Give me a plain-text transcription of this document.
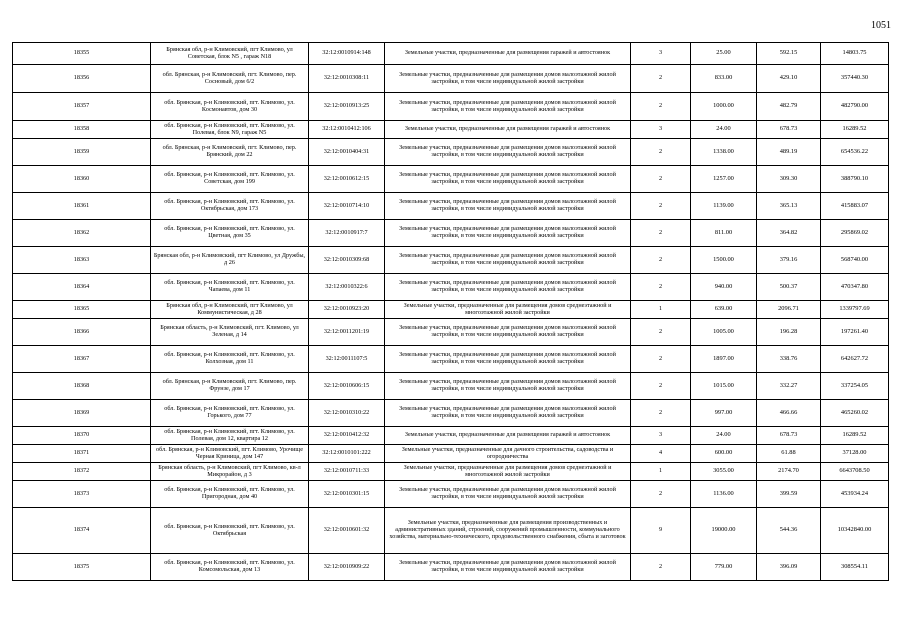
1051
18355	Брянская обл, р-н Климовский, пгт Климово, ул Советская, блок N5 , гараж N18	32:12:0010914:148	Земельные участки, предназначенные для размещения гаражей и автостоянок	3	25.00	592.15	14803.75
18356	обл. Брянская, р-н Климовский, пгт. Климово, пер. Сосновый, дом 6/2	32:12:0010308:11	Земельные участки, предназначенные для размещения домов малоэтажной жилой застройки, в том числе индивидуальной жилой застройки	2	833.00	429.10	357440.30
18357	обл. Брянская, р-н Климовский, пгт. Климово, ул. Космонавтов, дом 30	32:12:0010913:25	Земельные участки, предназначенные для размещения домов малоэтажной жилой застройки, в том числе индивидуальной жилой застройки	2	1000.00	482.79	482790.00
18358	обл. Брянская, р-н Климовский, пгт. Климово, ул. Полевая, блок N9, гараж N5	32:12:0010412:106	Земельные участки, предназначенные для размещения гаражей и автостоянок	3	24.00	678.73	16289.52
18359	обл. Брянская, р-н Климовский, пгт. Климово, пер. Брянский, дом 22	32:12:0010404:31	Земельные участки, предназначенные для размещения домов малоэтажной жилой застройки, в том числе индивидуальной жилой застройки	2	1338.00	489.19	654536.22
18360	обл. Брянская, р-н Климовский, пгт. Климово, ул. Советская, дом 199	32:12:0010612:15	Земельные участки, предназначенные для размещения домов малоэтажной жилой застройки, в том числе индивидуальной жилой застройки	2	1257.00	309.30	388790.10
18361	обл. Брянская, р-н Климовский, пгт. Климово, ул. Октябрьская, дом 173	32:12:0010714:10	Земельные участки, предназначенные для размещения домов малоэтажной жилой застройки, в том числе индивидуальной жилой застройки	2	1139.00	365.13	415883.07
18362	обл. Брянская, р-н Климовский, пгт. Климово, ул. Цветная, дом 35	32:12:0010917:7	Земельные участки, предназначенные для размещения домов малоэтажной жилой застройки, в том числе индивидуальной жилой застройки	2	811.00	364.82	295869.02
18363	Брянская обл, р-н Климовский, пгт Климово, ул Дружбы, д 26	32:12:0010309:68	Земельные участки, предназначенные для размещения домов малоэтажной жилой застройки, в том числе индивидуальной жилой застройки	2	1500.00	379.16	568740.00
18364	обл. Брянская, р-н Климовский, пгт. Климово, ул. Чапаева, дом 11	32:12:0010322:6	Земельные участки, предназначенные для размещения домов малоэтажной жилой застройки, в том числе индивидуальной жилой застройки	2	940.00	500.37	470347.80
18365	Брянская обл, р-н Климовский, пгт Климово, ул Коммунистическая, д 28	32:12:0010923:20	Земельные участки, предназначенные для размещения домов среднеэтажной и многоэтажной жилой застройки	1	639.00	2096.71	1339797.69
18366	Брянская область, р-н Климовский, пгт. Климово, ул Зеленая, д 14	32:12:0011201:19	Земельные участки, предназначенные для размещения домов малоэтажной жилой застройки, в том числе индивидуальной жилой застройки	2	1005.00	196.28	197261.40
18367	обл. Брянская, р-н Климовский, пгт. Климово, ул. Колхозная, дом 11	32:12:0011107:5	Земельные участки, предназначенные для размещения домов малоэтажной жилой застройки, в том числе индивидуальной жилой застройки	2	1897.00	338.76	642627.72
18368	обл. Брянская, р-н Климовский, пгт. Климово, пер. Фрунзе, дом 17	32:12:0010606:15	Земельные участки, предназначенные для размещения домов малоэтажной жилой застройки, в том числе индивидуальной жилой застройки	2	1015.00	332.27	337254.05
18369	обл. Брянская, р-н Климовский, пгт. Климово, ул. Горького, дом 77	32:12:0010310:22	Земельные участки, предназначенные для размещения домов малоэтажной жилой застройки, в том числе индивидуальной жилой застройки	2	997.00	466.66	465260.02
18370	обл. Брянская, р-н Климовский, пгт. Климово, ул. Полевая, дом 12, квартира 12	32:12:0010412:32	Земельные участки, предназначенные для размещения гаражей и автостоянок	3	24.00	678.73	16289.52
18371	обл. Брянская, р-н Климовский, пгт. Климово, Урочище Черная Криница, дом 147	32:12:0010101:222	Земельные участки, предназначенные для дачного строительства, садоводства и огородничества	4	600.00	61.88	37128.00
18372	Брянская область, р-н Климовский, пгт Климово, кв-л Микрорайон, д 3	32:12:0010711:33	Земельные участки, предназначенные для размещения домов среднеэтажной и многоэтажной жилой застройки	1	3055.00	2174.70	6643708.50
18373	обл. Брянская, р-н Климовский, пгт. Климово, ул. Пригородная, дом 40	32:12:0010301:15	Земельные участки, предназначенные для размещения домов малоэтажной жилой застройки, в том числе индивидуальной жилой застройки	2	1136.00	399.59	453934.24
18374	обл. Брянская, р-н Климовский, пгт. Климово, ул. Октябрьская	32:12:0010601:32	Земельные участки, предназначенные для размещения производственных и административных зданий, строений, сооружений промышленности, коммунального хозяйства, материально-технического, продовольственного снабжения, сбыта и заготовок	9	19000.00	544.36	10342840.00
18375	обл. Брянская, р-н Климовский, пгт. Климово, ул. Комсомольская, дом 13	32:12:0010909:22	Земельные участки, предназначенные для размещения домов малоэтажной жилой застройки, в том числе индивидуальной жилой застройки	2	779.00	396.09	308554.11
